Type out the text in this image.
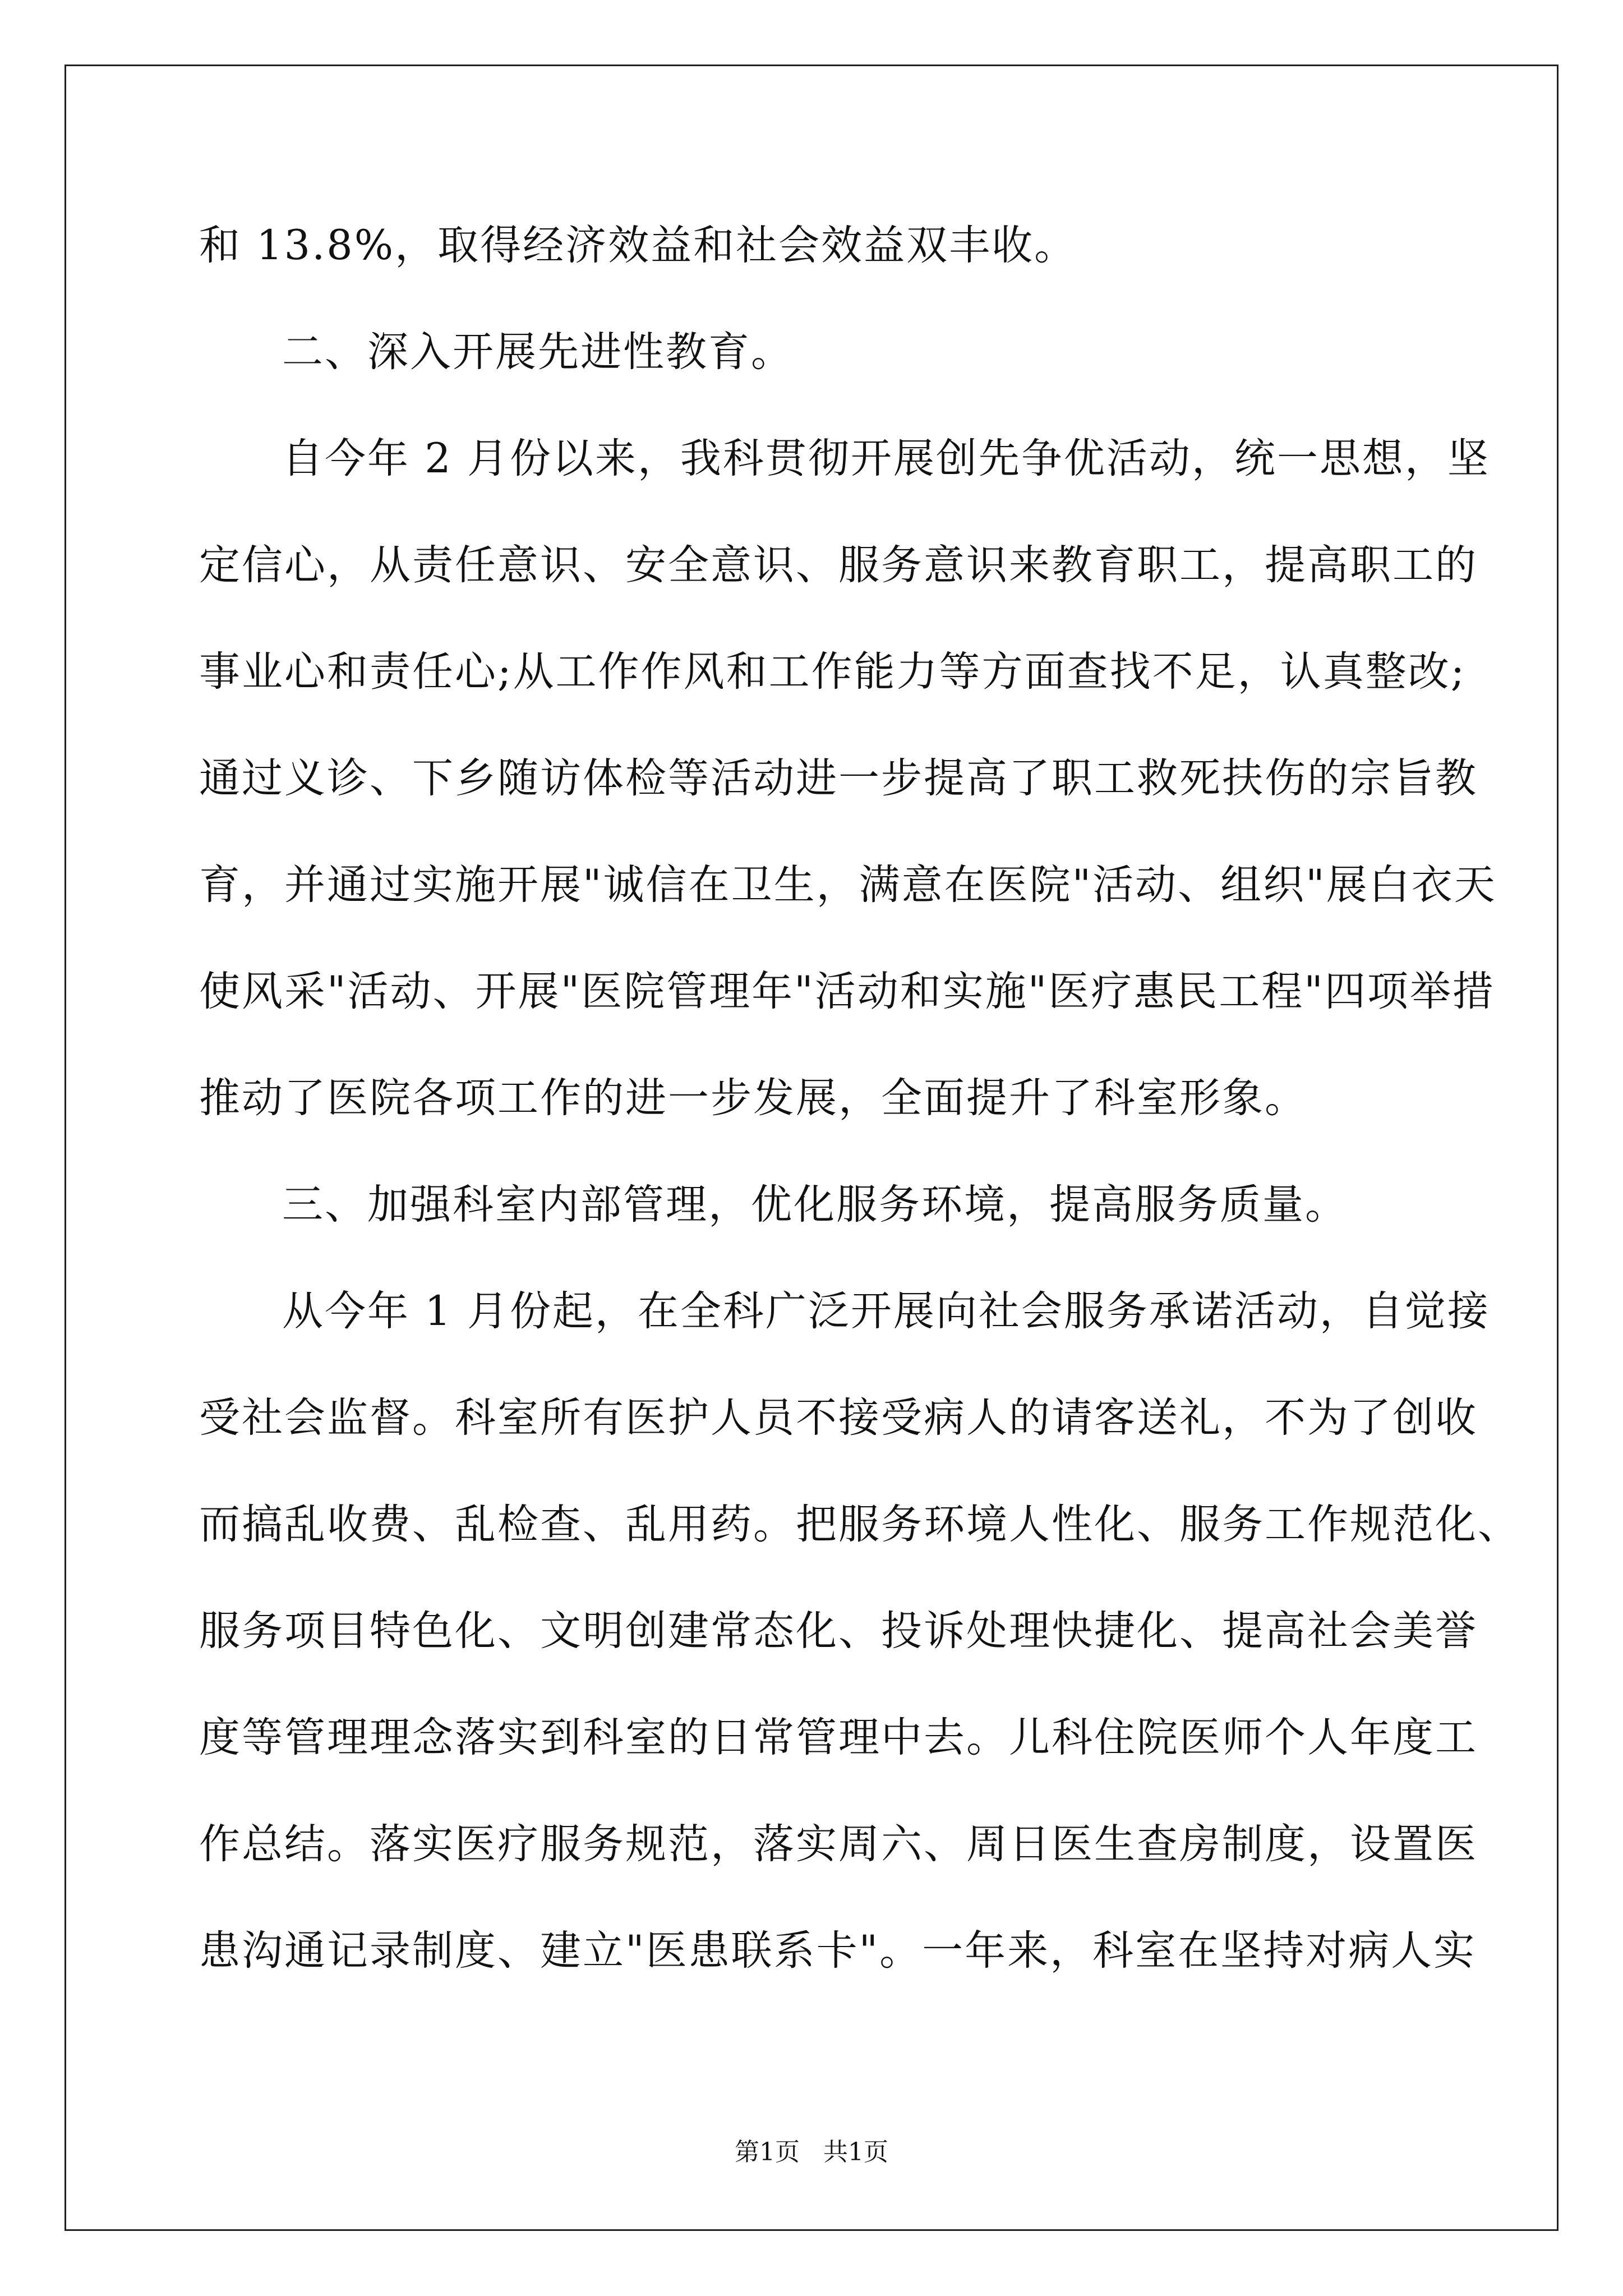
和 13.8%，取得经济效益和社会效益双丰收。
二、深入开展先进性教育。
自今年 2 月份以来，我科贯彻开展创先争优活动，统一思想，坚
定信心，从责任意识、安全意识、服务意识来教育职工，提高职工的
事业心和责任心;从工作作风和工作能力等方面查找不足，认真整改;
通过义诊、下乡随访体检等活动进一步提高了职工救死扶伤的宗旨教
育，并通过实施开展"诚信在卫生，满意在医院"活动、组织"展白衣天
使风采"活动、开展"医院管理年"活动和实施"医疗惠民工程"四项举措
推动了医院各项工作的进一步发展，全面提升了科室形象。
三、加强科室内部管理，优化服务环境，提高服务质量。
从今年 1 月份起，在全科广泛开展向社会服务承诺活动，自觉接
受社会监督。科室所有医护人员不接受病人的请客送礼，不为了创收
而搞乱收费、乱检查、乱用药。把服务环境人性化、服务工作规范化、
服务项目特色化、文明创建常态化、投诉处理快捷化、提高社会美誉
度等管理理念落实到科室的日常管理中去。儿科住院医师个人年度工
作总结。落实医疗服务规范，落实周六、周日医生查房制度，设置医
患沟通记录制度、建立"医患联系卡"。一年来，科室在坚持对病人实
第1页   共1页
